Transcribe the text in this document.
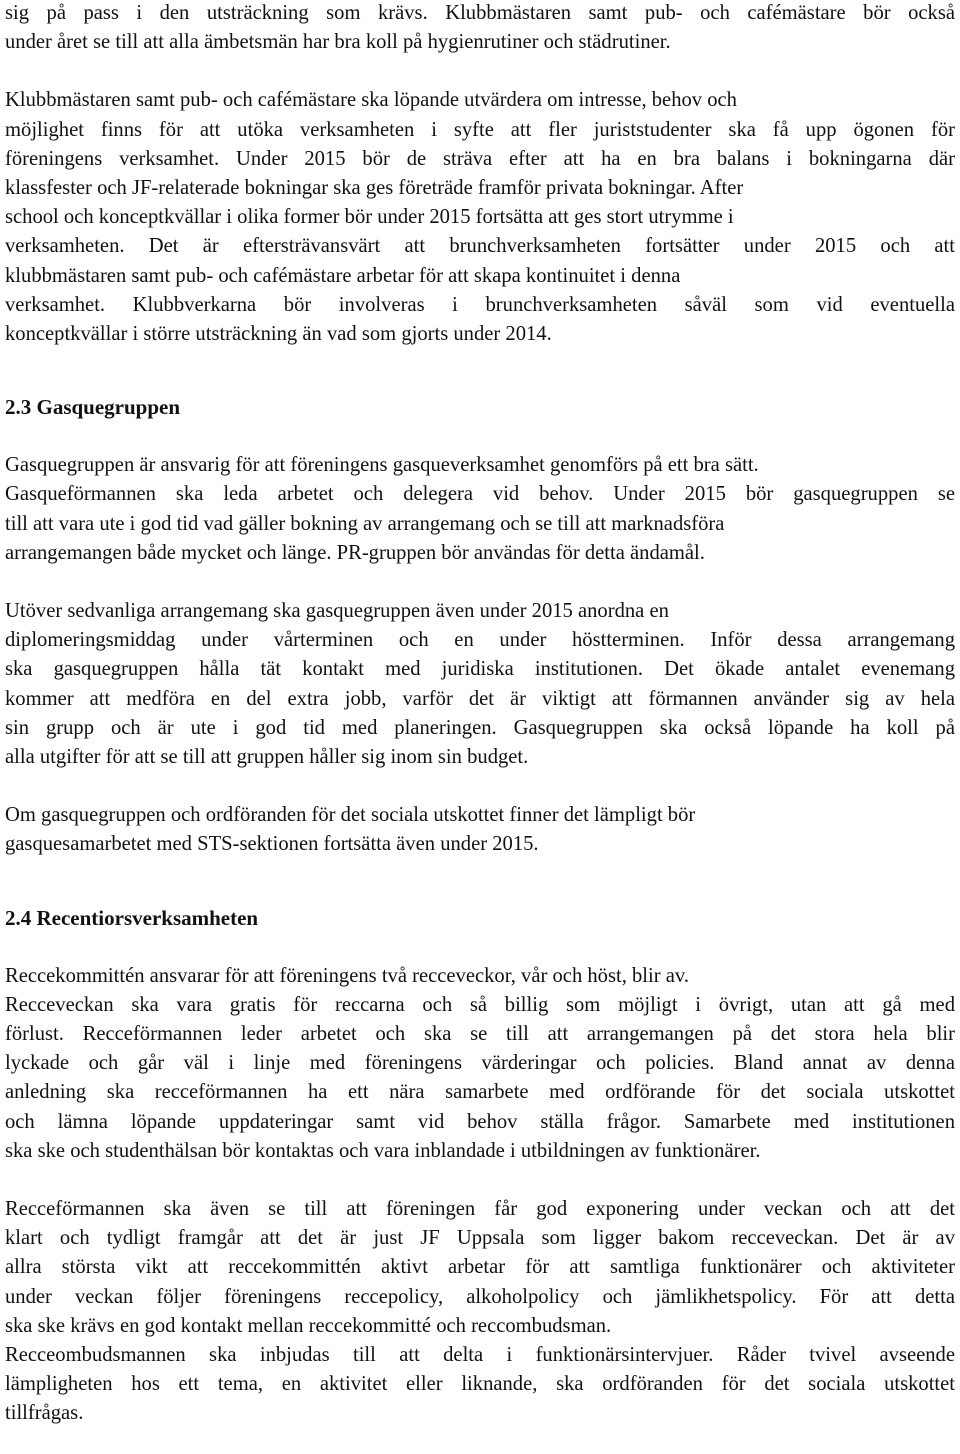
sig på pass i den utsträckning som krävs. Klubbmästaren samt pub- och cafémästare bör också
under året se till att alla ämbetsmän har bra koll på hygienrutiner och städrutiner.
Klubbmästaren samt pub- och cafémästare ska löpande utvärdera om intresse, behov och
möjlighet finns för att utöka verksamheten i syfte att fler juriststudenter ska få upp ögonen för
föreningens verksamhet. Under 2015 bör de sträva efter att ha en bra balans i bokningarna där
klassfester och JF-relaterade bokningar ska ges företräde framför privata bokningar. After
school och konceptkvällar i olika former bör under 2015 fortsätta att ges stort utrymme i
verksamheten. Det är eftersträvansvärt att brunchverksamheten fortsätter under 2015 och att
klubbmästaren samt pub- och cafémästare arbetar för att skapa kontinuitet i denna
verksamhet. Klubbverkarna bör involveras i brunchverksamheten såväl som vid eventuella
konceptkvällar i större utsträckning än vad som gjorts under 2014.
2.3 Gasquegruppen
Gasquegruppen är ansvarig för att föreningens gasqueverksamhet genomförs på ett bra sätt.
Gasqueförmannen ska leda arbetet och delegera vid behov. Under 2015 bör gasquegruppen se
till att vara ute i god tid vad gäller bokning av arrangemang och se till att marknadsföra
arrangemangen både mycket och länge. PR-gruppen bör användas för detta ändamål.
Utöver sedvanliga arrangemang ska gasquegruppen även under 2015 anordna en
diplomeringsmiddag under vårterminen och en under höstterminen. Inför dessa arrangemang
ska gasquegruppen hålla tät kontakt med juridiska institutionen. Det ökade antalet evenemang
kommer att medföra en del extra jobb, varför det är viktigt att förmannen använder sig av hela
sin grupp och är ute i god tid med planeringen. Gasquegruppen ska också löpande ha koll på
alla utgifter för att se till att gruppen håller sig inom sin budget.
Om gasquegruppen och ordföranden för det sociala utskottet finner det lämpligt bör
gasquesamarbetet med STS-sektionen fortsätta även under 2015.
2.4 Recentiorsverksamheten
Reccekommittén ansvarar för att föreningens två recceveckor, vår och höst, blir av.
Recceveckan ska vara gratis för reccarna och så billig som möjligt i övrigt, utan att gå med
förlust. Recceförmannen leder arbetet och ska se till att arrangemangen på det stora hela blir
lyckade och går väl i linje med föreningens värderingar och policies. Bland annat av denna
anledning ska recceförmannen ha ett nära samarbete med ordförande för det sociala utskottet
och lämna löpande uppdateringar samt vid behov ställa frågor. Samarbete med institutionen
ska ske och studenthälsan bör kontaktas och vara inblandade i utbildningen av funktionärer.
Recceförmannen ska även se till att föreningen får god exponering under veckan och att det
klart och tydligt framgår att det är just JF Uppsala som ligger bakom recceveckan. Det är av
allra största vikt att reccekommittén aktivt arbetar för att samtliga funktionärer och aktiviteter
under veckan följer föreningens reccepolicy, alkoholpolicy och jämlikhetspolicy. För att detta
ska ske krävs en god kontakt mellan reccekommitté och reccombudsman.
Recceombudsmannen ska inbjudas till att delta i funktionärsintervjuer. Råder tvivel avseende
lämpligheten hos ett tema, en aktivitet eller liknande, ska ordföranden för det sociala utskottet
tillfrågas.
